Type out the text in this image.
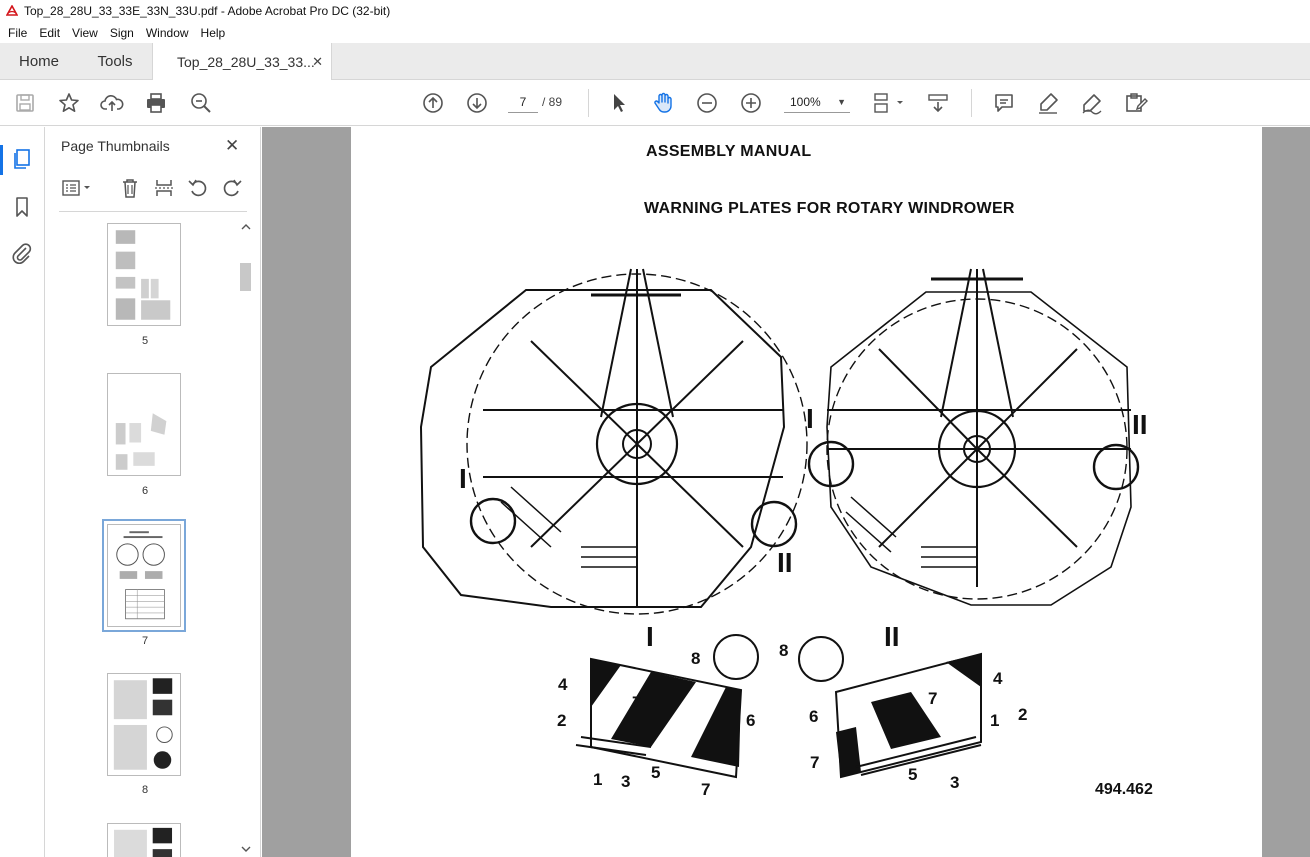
Top_28_28U_33_33E_33N_33U.pdf - Adobe Acrobat Pro DC (32-bit)
File	Edit	View	Sign	Window	Help
Home	Tools	Top_28_28U_33_33...
✕
7	/ 89	100% ▼
Page Thumbnails	✕
5
6
7
8
ASSEMBLY MANUAL
WARNING PLATES FOR ROTARY WINDROWER
I
I
II
II
I	II
8
4
7
2	6
1 3 5
7
8
4
7
6	1 2
7
5 3	494.462
